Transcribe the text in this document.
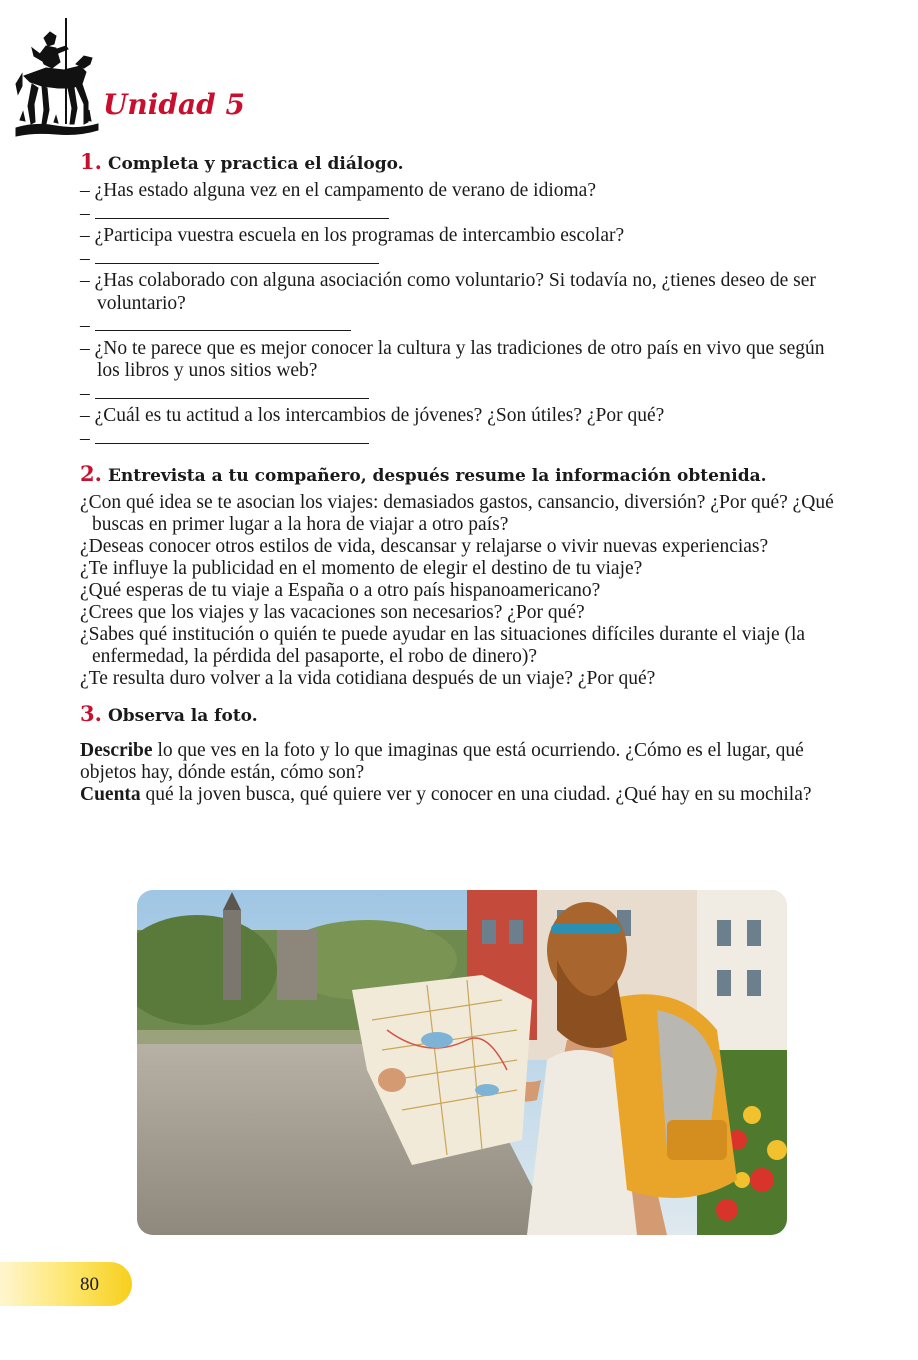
Unidad 5

1. Completa y practica el diálogo.

– ¿Has estado alguna vez en el campamento de verano de idioma?
–
– ¿Participa vuestra escuela en los programas de intercambio escolar?
–
– ¿Has colaborado con alguna asociación como voluntario? Si todavía no, ¿tienes deseo de ser voluntario?
–
– ¿No te parece que es mejor conocer la cultura y las tradiciones de otro país en vivo que según los libros y unos sitios web?
–
– ¿Cuál es tu actitud a los intercambios de jóvenes? ¿Son útiles? ¿Por qué?
–

2. Entrevista a tu compañero, después resume la información obtenida.

¿Con qué idea se te asocian los viajes: demasiados gastos, cansancio, diversión? ¿Por qué? ¿Qué buscas en primer lugar a la hora de viajar a otro país?
¿Deseas conocer otros estilos de vida, descansar y relajarse o vivir nuevas experiencias?
¿Te influye la publicidad en el momento de elegir el destino de tu viaje?
¿Qué esperas de tu viaje a España o a otro país hispanoamericano?
¿Crees que los viajes y las vacaciones son necesarios? ¿Por qué?
¿Sabes qué institución o quién te puede ayudar en las situaciones difíciles durante el viaje (la enfermedad, la pérdida del pasaporte, el robo de dinero)?
¿Te resulta duro volver a la vida cotidiana después de un viaje? ¿Por qué?

3. Observa la foto.

Describe lo que ves en la foto y lo que imaginas que está ocurriendo. ¿Cómo es el lugar, qué objetos hay, dónde están, cómo son?

Cuenta qué la joven busca, qué quiere ver y conocer en una ciudad. ¿Qué hay en su mochila?

80
